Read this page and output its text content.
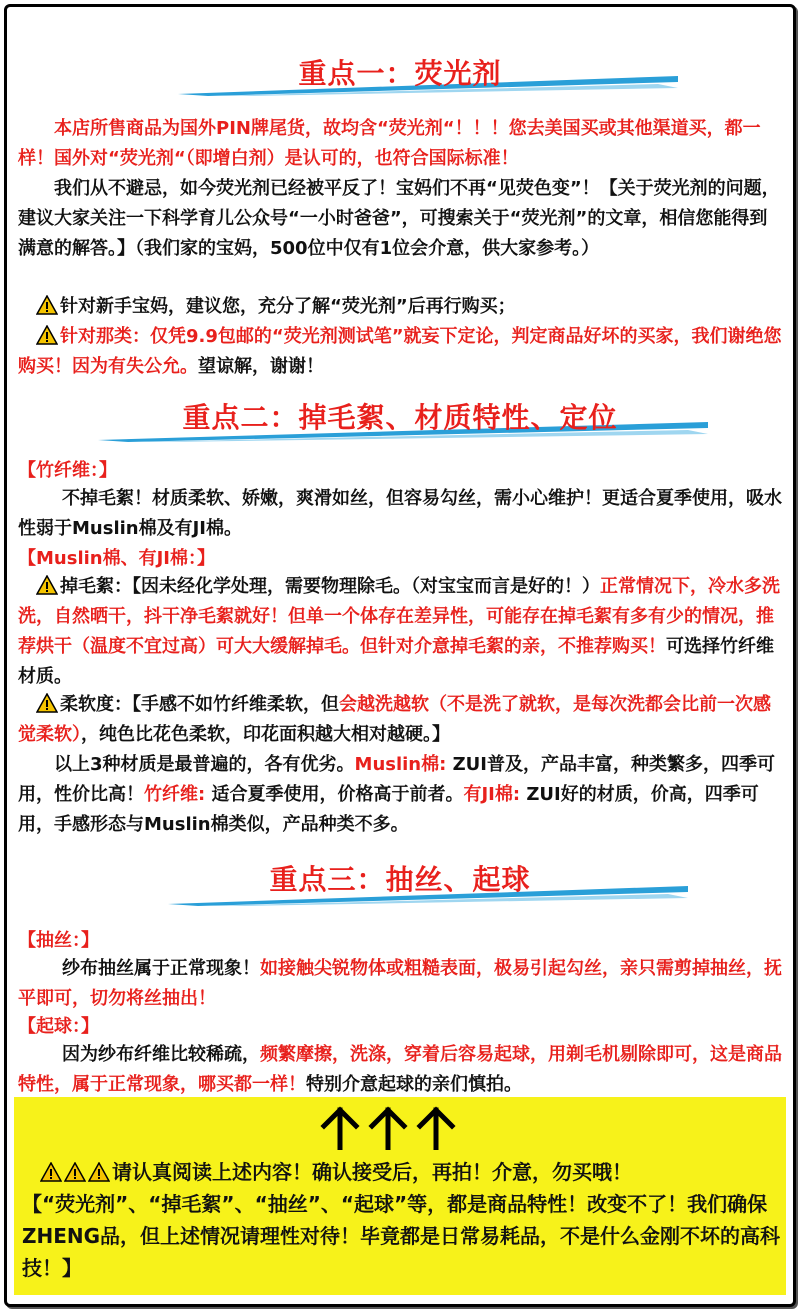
重点一：荧光剂
本店所售商品为国外PIN牌尾货，故均含“荧光剂“！！！您去美国买或其他渠道买，都一样！国外对“荧光剂“（即增白剂）是认可的，也符合国际标准！
我们从不避忌，如今荧光剂已经被平反了！宝妈们不再“见荧色变”！【关于荧光剂的问题，建议大家关注一下科学育儿公众号“一小时爸爸”，可搜索关于“荧光剂”的文章，相信您能得到满意的解答。】（我们家的宝妈，500位中仅有1位会介意，供大家参考。）
针对新手宝妈，建议您，充分了解“荧光剂”后再行购买；
针对那类：仅凭9.9包邮的“荧光剂测试笔”就妄下定论，判定商品好坏的买家，我们谢绝您购买！因为有失公允。望谅解，谢谢！
重点二：掉毛絮、材质特性、定位
【竹纤维：】
不掉毛絮！材质柔软、娇嫩，爽滑如丝，但容易勾丝，需小心维护！更适合夏季使用，吸水性弱于Muslin棉及有JI棉。
【Muslin棉、有JI棉：】
掉毛絮：【因未经化学处理，需要物理除毛。（对宝宝而言是好的！）正常情况下，冷水多洗洗，自然晒干，抖干净毛絮就好！但单一个体存在差异性，可能存在掉毛絮有多有少的情况，推荐烘干（温度不宜过高）可大大缓解掉毛。但针对介意掉毛絮的亲，不推荐购买！可选择竹纤维材质。
柔软度：【手感不如竹纤维柔软，但会越洗越软（不是洗了就软，是每次洗都会比前一次感觉柔软），纯色比花色柔软，印花面积越大相对越硬。】
以上3种材质是最普遍的，各有优劣。Muslin棉: ZUI普及，产品丰富，种类繁多，四季可用，性价比高！竹纤维: 适合夏季使用，价格高于前者。有JI棉: ZUI好的材质，价高，四季可用，手感形态与Muslin棉类似，产品种类不多。
重点三：抽丝、起球
【抽丝：】
纱布抽丝属于正常现象！如接触尖锐物体或粗糙表面，极易引起勾丝，亲只需剪掉抽丝，抚平即可，切勿将丝抽出！
【起球：】
因为纱布纤维比较稀疏，频繁摩擦，洗涤，穿着后容易起球，用剃毛机剔除即可，这是商品特性，属于正常现象，哪买都一样！特别介意起球的亲们慎拍。
请认真阅读上述内容！确认接受后，再拍！介意，勿买哦！
【“荧光剂”、“掉毛絮”、“抽丝”、“起球”等，都是商品特性！改变不了！我们确保ZHENG品，但上述情况请理性对待！毕竟都是日常易耗品，不是什么金刚不坏的高科技！】
